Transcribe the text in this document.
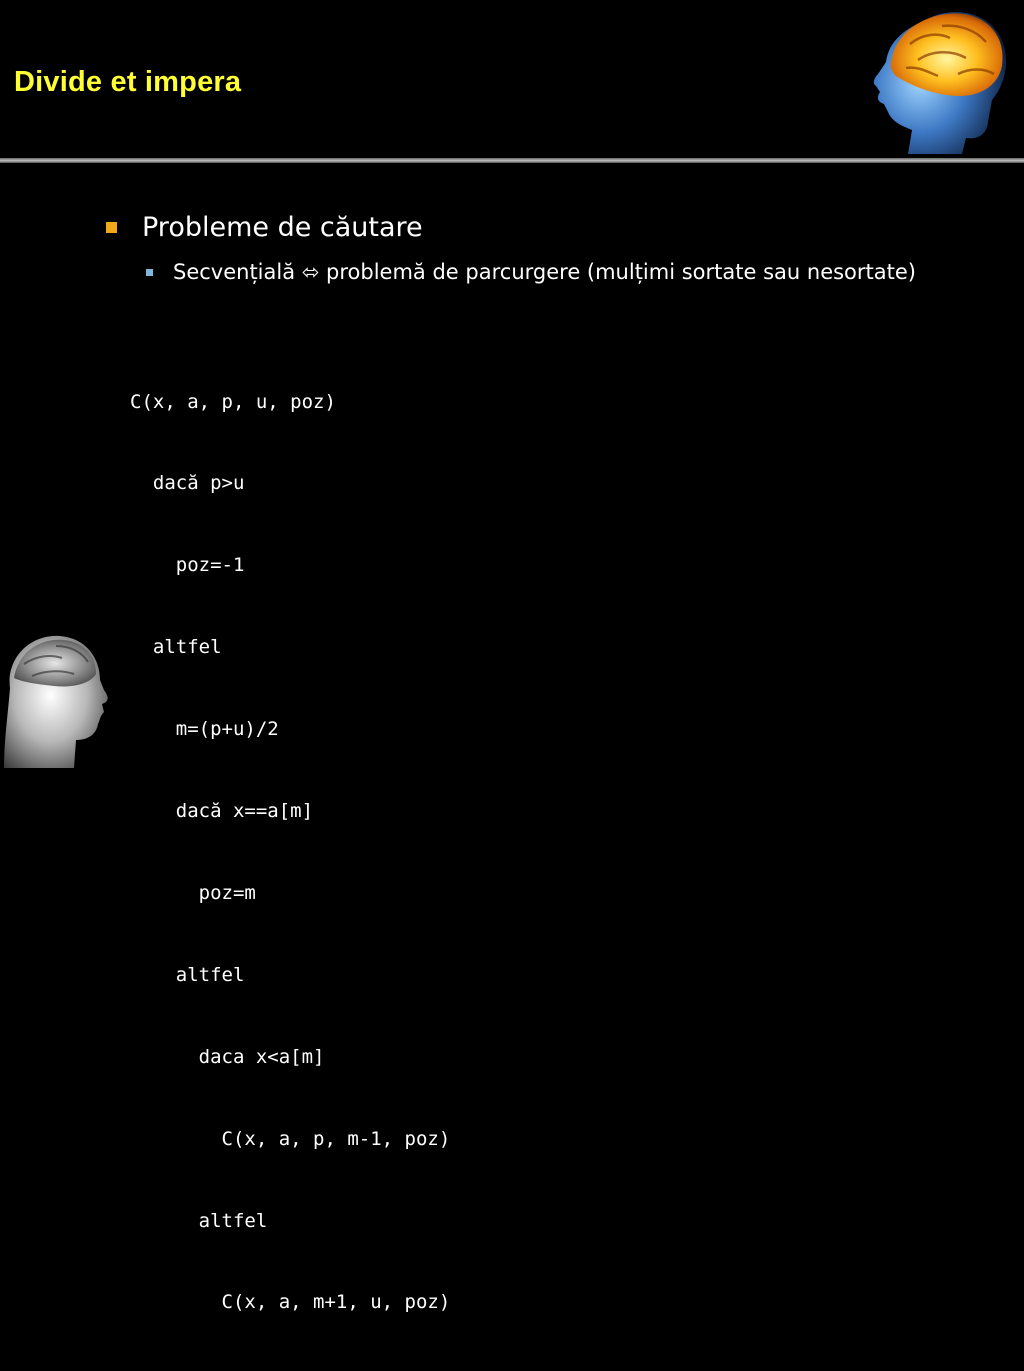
Divide et impera
Probleme de căutare
Secvențială ⬄ problemă de parcurgere (mulțimi sortate sau nesortate)

C(x, a, p, u, poz)

dacă p>u

poz=-1

altfel

m=(p+u)/2

dacă x==a[m]

poz=m

altfel

daca x<a[m]

C(x, a, p, m-1, poz)

altfel

C(x, a, m+1, u, poz)
